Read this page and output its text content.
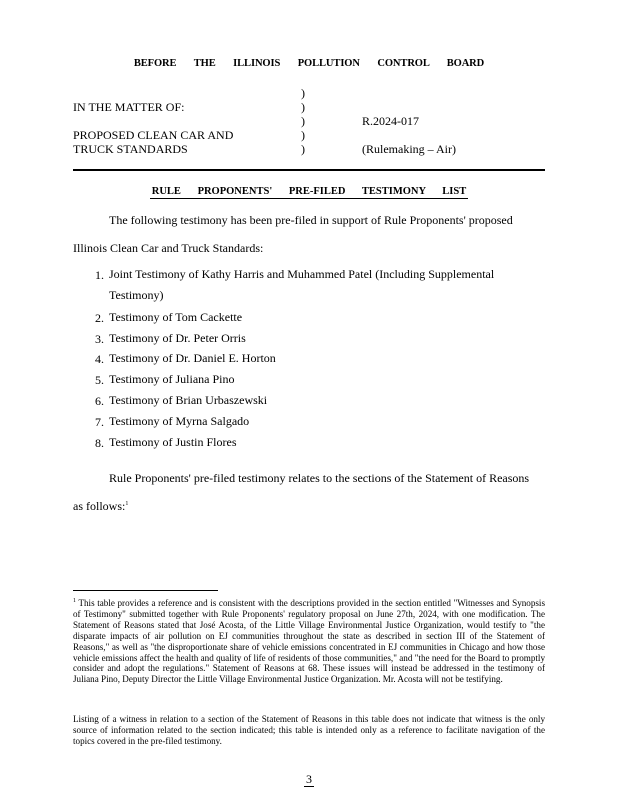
BEFORE THE ILLINOIS POLLUTION CONTROL BOARD
IN THE MATTER OF:
PROPOSED CLEAN CAR AND
TRUCK STANDARDS
)
)
)
)
)
R.2024-017
(Rulemaking – Air)
RULE PROPONENTS' PRE-FILED TESTIMONY LIST
The following testimony has been pre-filed in support of Rule Proponents' proposed
Illinois Clean Car and Truck Standards:
1. Joint Testimony of Kathy Harris and Muhammed Patel (Including Supplemental Testimony)
2. Testimony of Tom Cackette
3. Testimony of Dr. Peter Orris
4. Testimony of Dr. Daniel E. Horton
5. Testimony of Juliana Pino
6. Testimony of Brian Urbaszewski
7. Testimony of Myrna Salgado
8. Testimony of Justin Flores
Rule Proponents' pre-filed testimony relates to the sections of the Statement of Reasons
as follows:$^1$
$^1$ This table provides a reference and is consistent with the descriptions provided in the section entitled "Witnesses and Synopsis of Testimony" submitted together with Rule Proponents' regulatory proposal on June 27th, 2024, with one modification. The Statement of Reasons stated that José Acosta, of the Little Village Environmental Justice Organization, would testify to "the disparate impacts of air pollution on EJ communities throughout the state as described in section III of the Statement of Reasons," as well as "the disproportionate share of vehicle emissions concentrated in EJ communities in Chicago and how those vehicle emissions affect the health and quality of life of residents of those communities," and "the need for the Board to promptly consider and adopt the regulations." Statement of Reasons at 68. These issues will instead be addressed in the testimony of Juliana Pino, Deputy Director the Little Village Environmental Justice Organization. Mr. Acosta will not be testifying.
Listing of a witness in relation to a section of the Statement of Reasons in this table does not indicate that witness is the only source of information related to the section indicated; this table is intended only as a reference to facilitate navigation of the topics covered in the pre-filed testimony.
3
